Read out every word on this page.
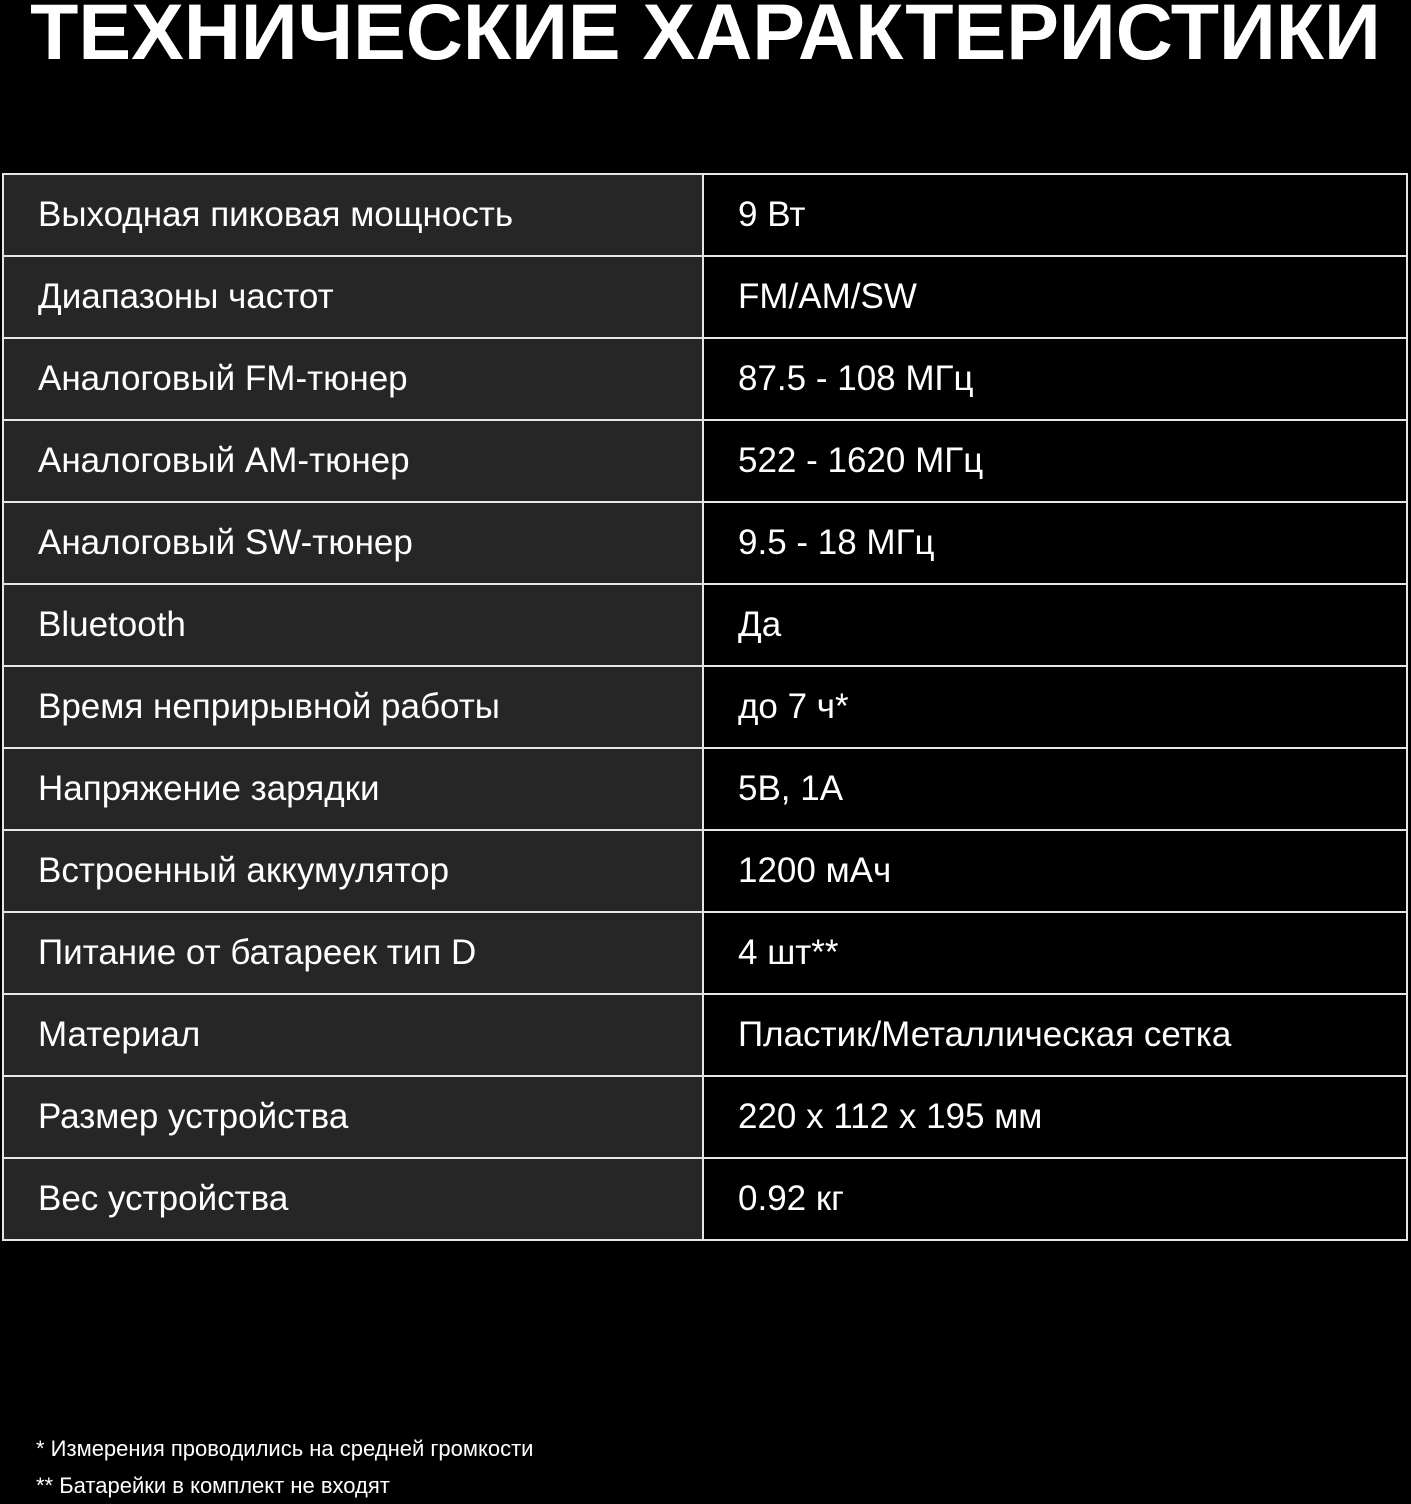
ТЕХНИЧЕСКИЕ ХАРАКТЕРИСТИКИ
Выходная пиковая мощность	9 Вт
Диапазоны частот	FM/AM/SW
Аналоговый FM-тюнер	87.5 - 108 МГц
Аналоговый AM-тюнер	522 - 1620 МГц
Аналоговый SW-тюнер	9.5 - 18 МГц
Bluetooth	Да
Время неприрывной работы	до 7 ч*
Напряжение зарядки	5В, 1А
Встроенный аккумулятор	1200 мАч
Питание от батареек тип D	4 шт**
Материал	Пластик/Металлическая сетка
Размер устройства	220 х 112 х 195 мм
Вес устройства	0.92 кг
* Измерения проводились на средней громкости
** Батарейки в комплект не входят
